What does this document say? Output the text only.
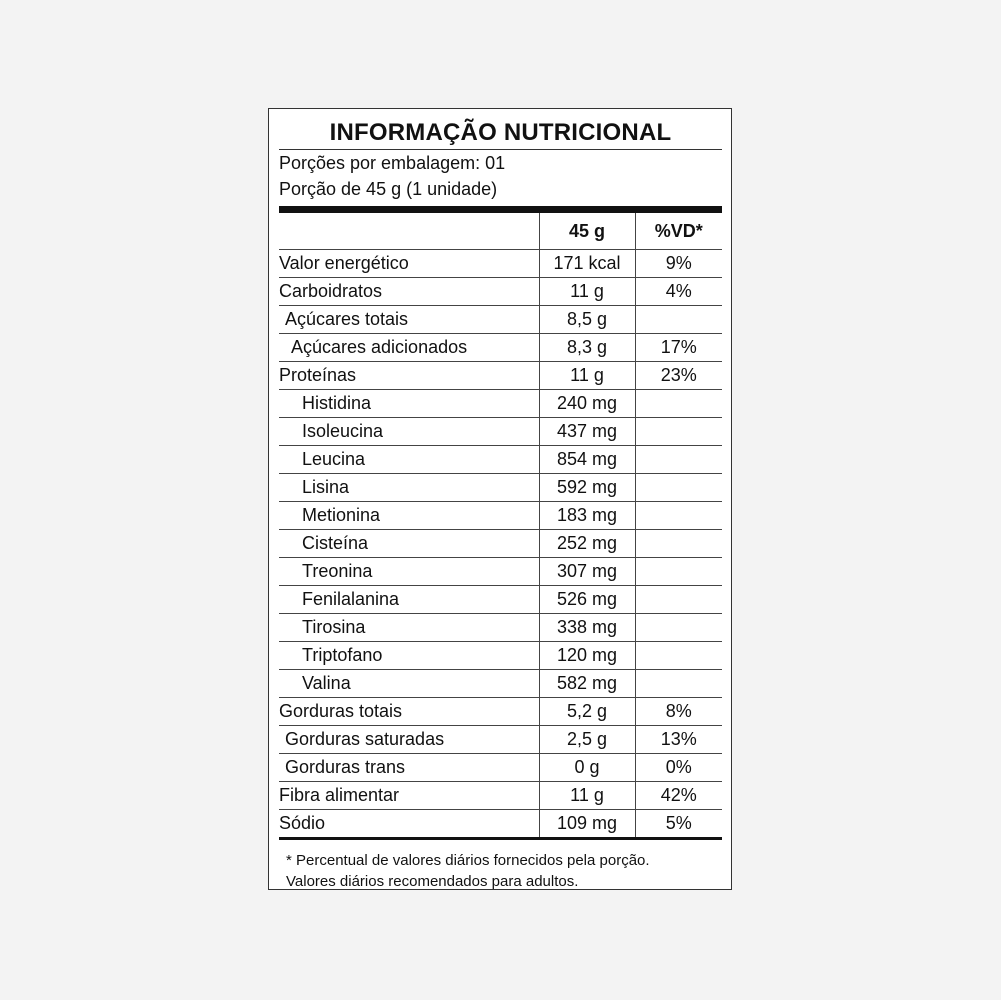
INFORMAÇÃO NUTRICIONAL
Porções por embalagem: 01
Porção de 45 g (1 unidade)
	45 g	%VD*
Valor energético	171 kcal	9%
Carboidratos	11 g	4%
Açúcares totais	8,5 g	
Açúcares adicionados	8,3 g	17%
Proteínas	11 g	23%
Histidina	240 mg	
Isoleucina	437 mg	
Leucina	854 mg	
Lisina	592 mg	
Metionina	183 mg	
Cisteína	252 mg	
Treonina	307 mg	
Fenilalanina	526 mg	
Tirosina	338 mg	
Triptofano	120 mg	
Valina	582 mg	
Gorduras totais	5,2 g	8%
Gorduras saturadas	2,5 g	13%
Gorduras trans	0 g	0%
Fibra alimentar	11 g	42%
Sódio	109 mg	5%
* Percentual de valores diários fornecidos pela porção.
Valores diários recomendados para adultos.
